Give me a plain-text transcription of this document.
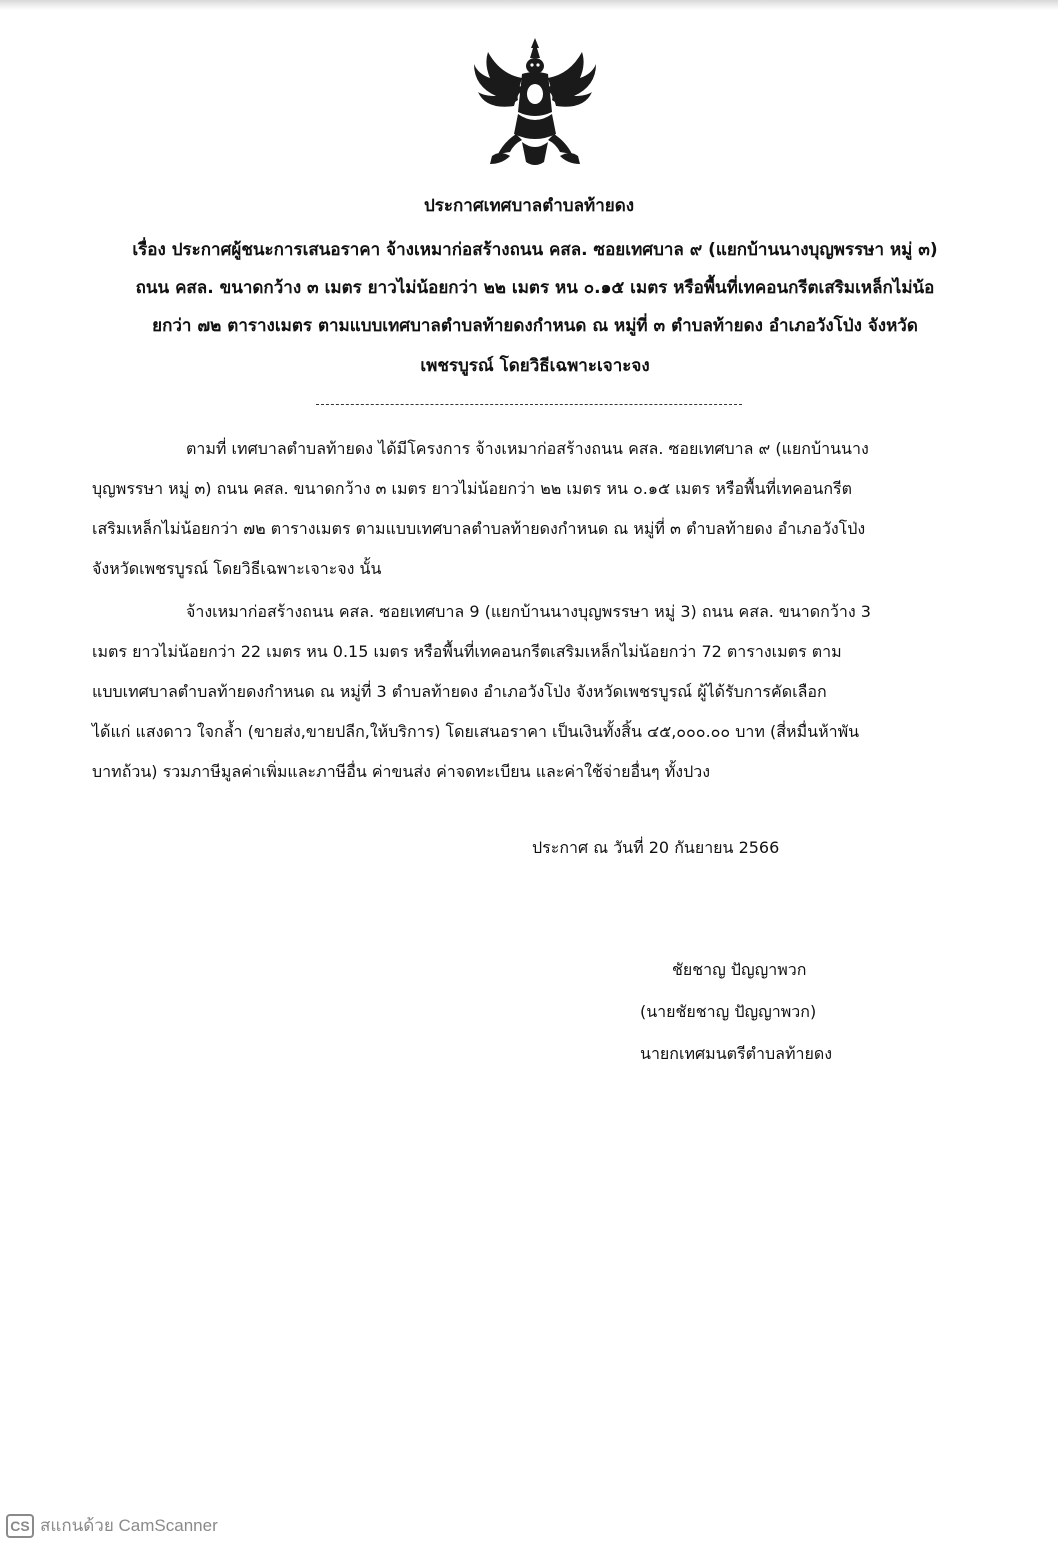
ประกาศเทศบาลตำบลท้ายดง
เรื่อง ประกาศผู้ชนะการเสนอราคา จ้างเหมาก่อสร้างถนน คสล. ซอยเทศบาล ๙ (แยกบ้านนางบุญพรรษา หมู่ ๓)
ถนน คสล. ขนาดกว้าง ๓ เมตร ยาวไม่น้อยกว่า ๒๒ เมตร หน ๐.๑๕ เมตร หรือพื้นที่เทคอนกรีตเสริมเหล็กไม่น้อ
ยกว่า ๗๒ ตารางเมตร ตามแบบเทศบาลตำบลท้ายดงกำหนด ณ หมู่ที่ ๓ ตำบลท้ายดง อำเภอวังโป่ง จังหวัด
เพชรบูรณ์ โดยวิธีเฉพาะเจาะจง
ตามที่ เทศบาลตำบลท้ายดง ได้มีโครงการ จ้างเหมาก่อสร้างถนน คสล. ซอยเทศบาล ๙ (แยกบ้านนาง
บุญพรรษา หมู่ ๓) ถนน คสล. ขนาดกว้าง ๓ เมตร ยาวไม่น้อยกว่า ๒๒ เมตร หน ๐.๑๕ เมตร หรือพื้นที่เทคอนกรีต
เสริมเหล็กไม่น้อยกว่า ๗๒ ตารางเมตร ตามแบบเทศบาลตำบลท้ายดงกำหนด ณ หมู่ที่ ๓ ตำบลท้ายดง อำเภอวังโป่ง
จังหวัดเพชรบูรณ์ โดยวิธีเฉพาะเจาะจง นั้น
จ้างเหมาก่อสร้างถนน คสล. ซอยเทศบาล 9 (แยกบ้านนางบุญพรรษา หมู่ 3) ถนน คสล. ขนาดกว้าง 3
เมตร ยาวไม่น้อยกว่า 22 เมตร หน 0.15 เมตร หรือพื้นที่เทคอนกรีตเสริมเหล็กไม่น้อยกว่า 72 ตารางเมตร ตาม
แบบเทศบาลตำบลท้ายดงกำหนด ณ หมู่ที่ 3 ตำบลท้ายดง อำเภอวังโป่ง จังหวัดเพชรบูรณ์ ผู้ได้รับการคัดเลือก
ได้แก่ แสงดาว ใจกล้ำ (ขายส่ง,ขายปลีก,ให้บริการ) โดยเสนอราคา เป็นเงินทั้งสิ้น ๔๕,๐๐๐.๐๐ บาท (สี่หมื่นห้าพัน
บาทถ้วน) รวมภาษีมูลค่าเพิ่มและภาษีอื่น ค่าขนส่ง ค่าจดทะเบียน และค่าใช้จ่ายอื่นๆ ทั้งปวง
ประกาศ ณ วันที่ 20 กันยายน 2566
ชัยชาญ ปัญญาพวก
(นายชัยชาญ ปัญญาพวก)
นายกเทศมนตรีตำบลท้ายดง
CS สแกนด้วย CamScanner
